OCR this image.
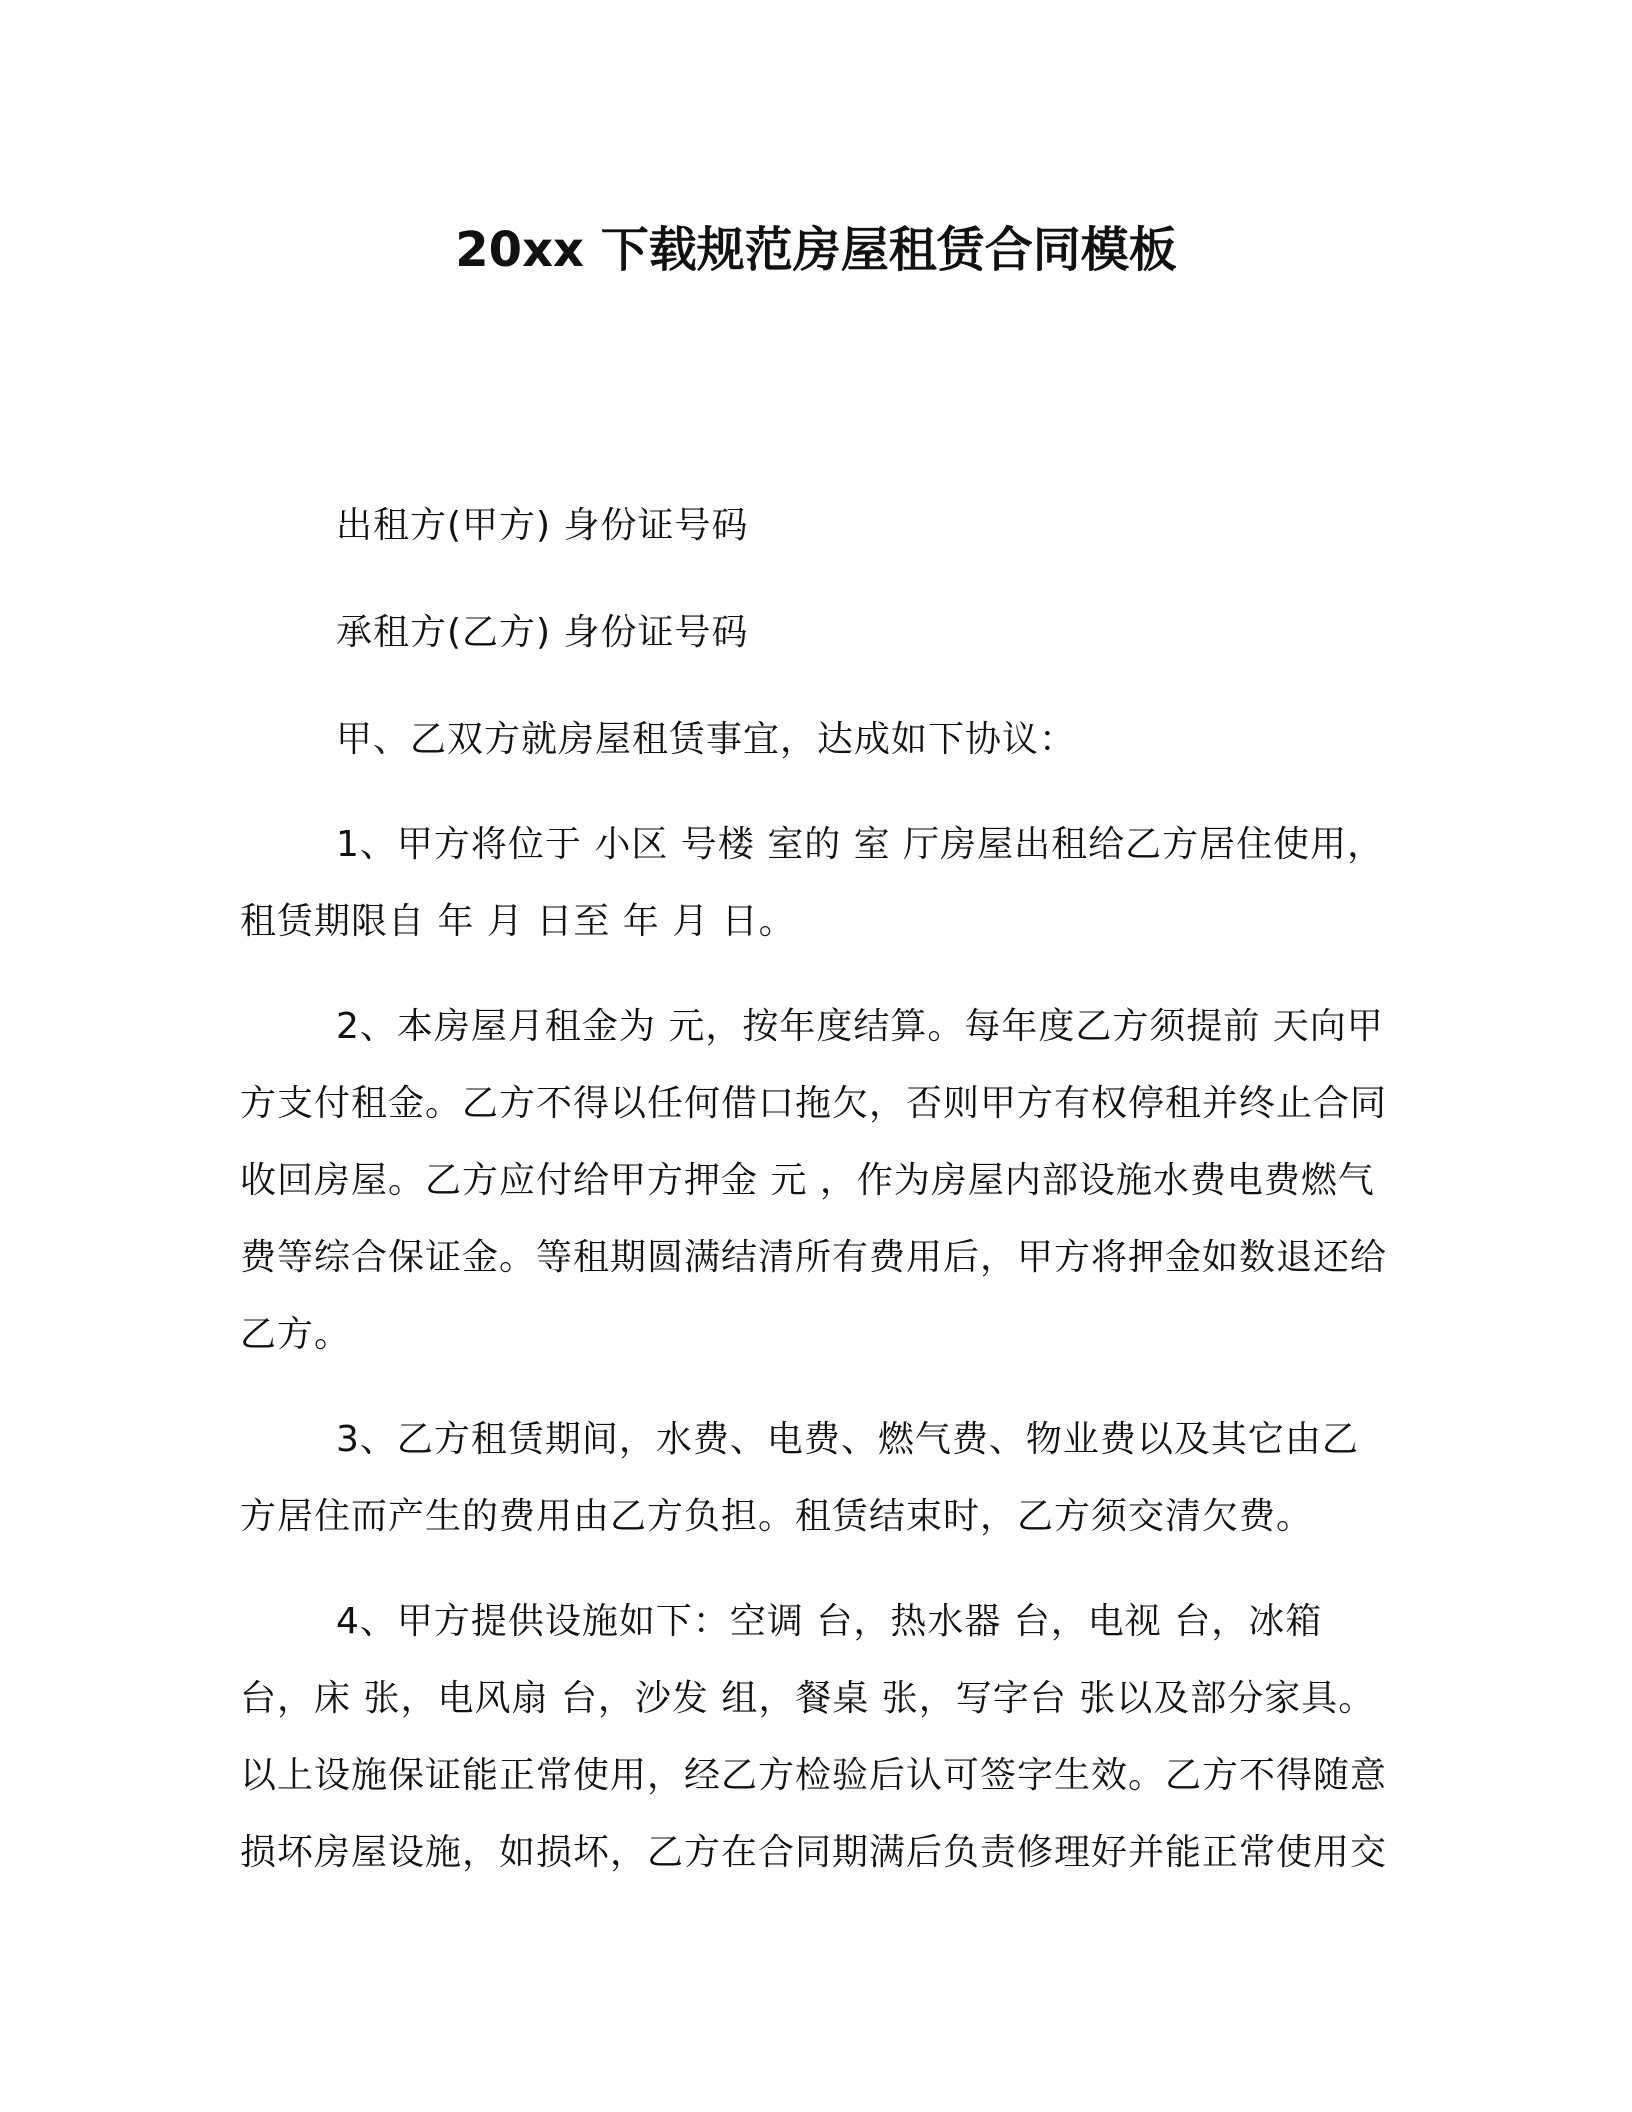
20xx 下载规范房屋租赁合同模板

出租方(甲方) 身份证号码

承租方(乙方) 身份证号码

甲、乙双方就房屋租赁事宜，达成如下协议：

1、甲方将位于 小区 号楼 室的 室 厅房屋出租给乙方居住使用，租赁期限自 年 月 日至 年 月 日。

2、本房屋月租金为 元，按年度结算。每年度乙方须提前 天向甲方支付租金。乙方不得以任何借口拖欠，否则甲方有权停租并终止合同收回房屋。乙方应付给甲方押金 元 ，作为房屋内部设施水费电费燃气费等综合保证金。等租期圆满结清所有费用后，甲方将押金如数退还给乙方。

3、乙方租赁期间，水费、电费、燃气费、物业费以及其它由乙方居住而产生的费用由乙方负担。租赁结束时，乙方须交清欠费。

4、甲方提供设施如下：空调 台，热水器 台，电视 台，冰箱 台，床 张，电风扇 台，沙发 组，餐桌 张，写字台 张以及部分家具。以上设施保证能正常使用，经乙方检验后认可签字生效。乙方不得随意损坏房屋设施，如损坏，乙方在合同期满后负责修理好并能正常使用交
